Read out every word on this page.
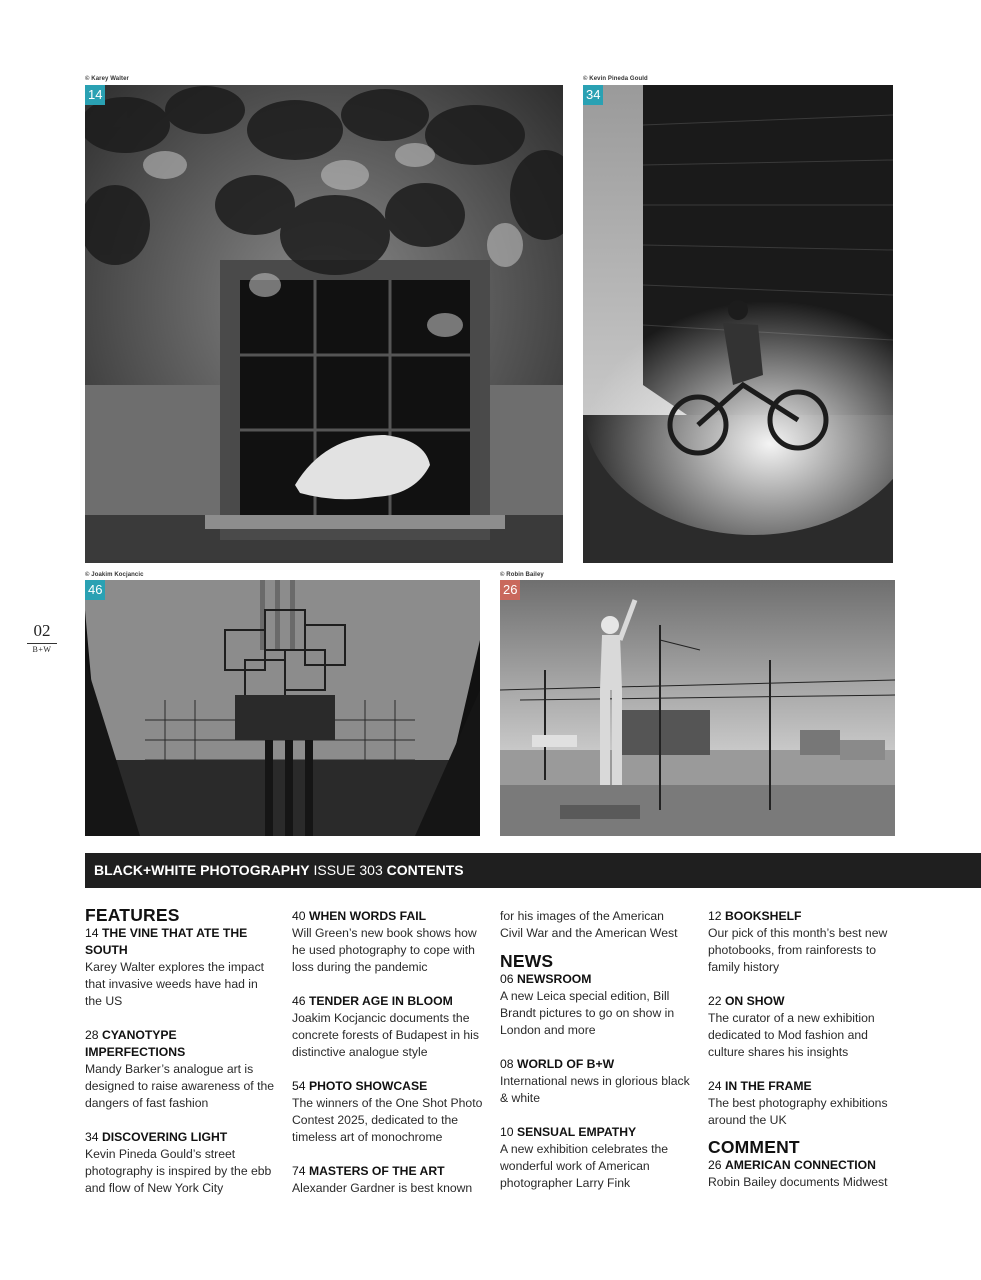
© Karey Walter	© Kevin Pineda Gould
© Joakim Kocjancic	© Robin Bailey
14	34
46	26
02
B+W
BLACK+WHITE PHOTOGRAPHY ISSUE 303 CONTENTS
FEATURES
14 THE VINE THAT ATE THE SOUTH
Karey Walter explores the impact that invasive weeds have had in the US
28 CYANOTYPE IMPERFECTIONS
Mandy Barker’s analogue art is designed to raise awareness of the dangers of fast fashion
34 DISCOVERING LIGHT
Kevin Pineda Gould’s street photography is inspired by the ebb and flow of New York City
40 WHEN WORDS FAIL
Will Green’s new book shows how he used photography to cope with loss during the pandemic
46 TENDER AGE IN BLOOM
Joakim Kocjancic documents the concrete forests of Budapest in his distinctive analogue style
54 PHOTO SHOWCASE
The winners of the One Shot Photo Contest 2025, dedicated to the timeless art of monochrome
74 MASTERS OF THE ART
Alexander Gardner is best known
for his images of the American Civil War and the American West
NEWS
06 NEWSROOM
A new Leica special edition, Bill Brandt pictures to go on show in London and more
08 WORLD OF B+W
International news in glorious black & white
10 SENSUAL EMPATHY
A new exhibition celebrates the wonderful work of American photographer Larry Fink
12 BOOKSHELF
Our pick of this month’s best new photobooks, from rainforests to family history
22 ON SHOW
The curator of a new exhibition dedicated to Mod fashion and culture shares his insights
24 IN THE FRAME
The best photography exhibitions around the UK
COMMENT
26 AMERICAN CONNECTION
Robin Bailey documents Midwest
